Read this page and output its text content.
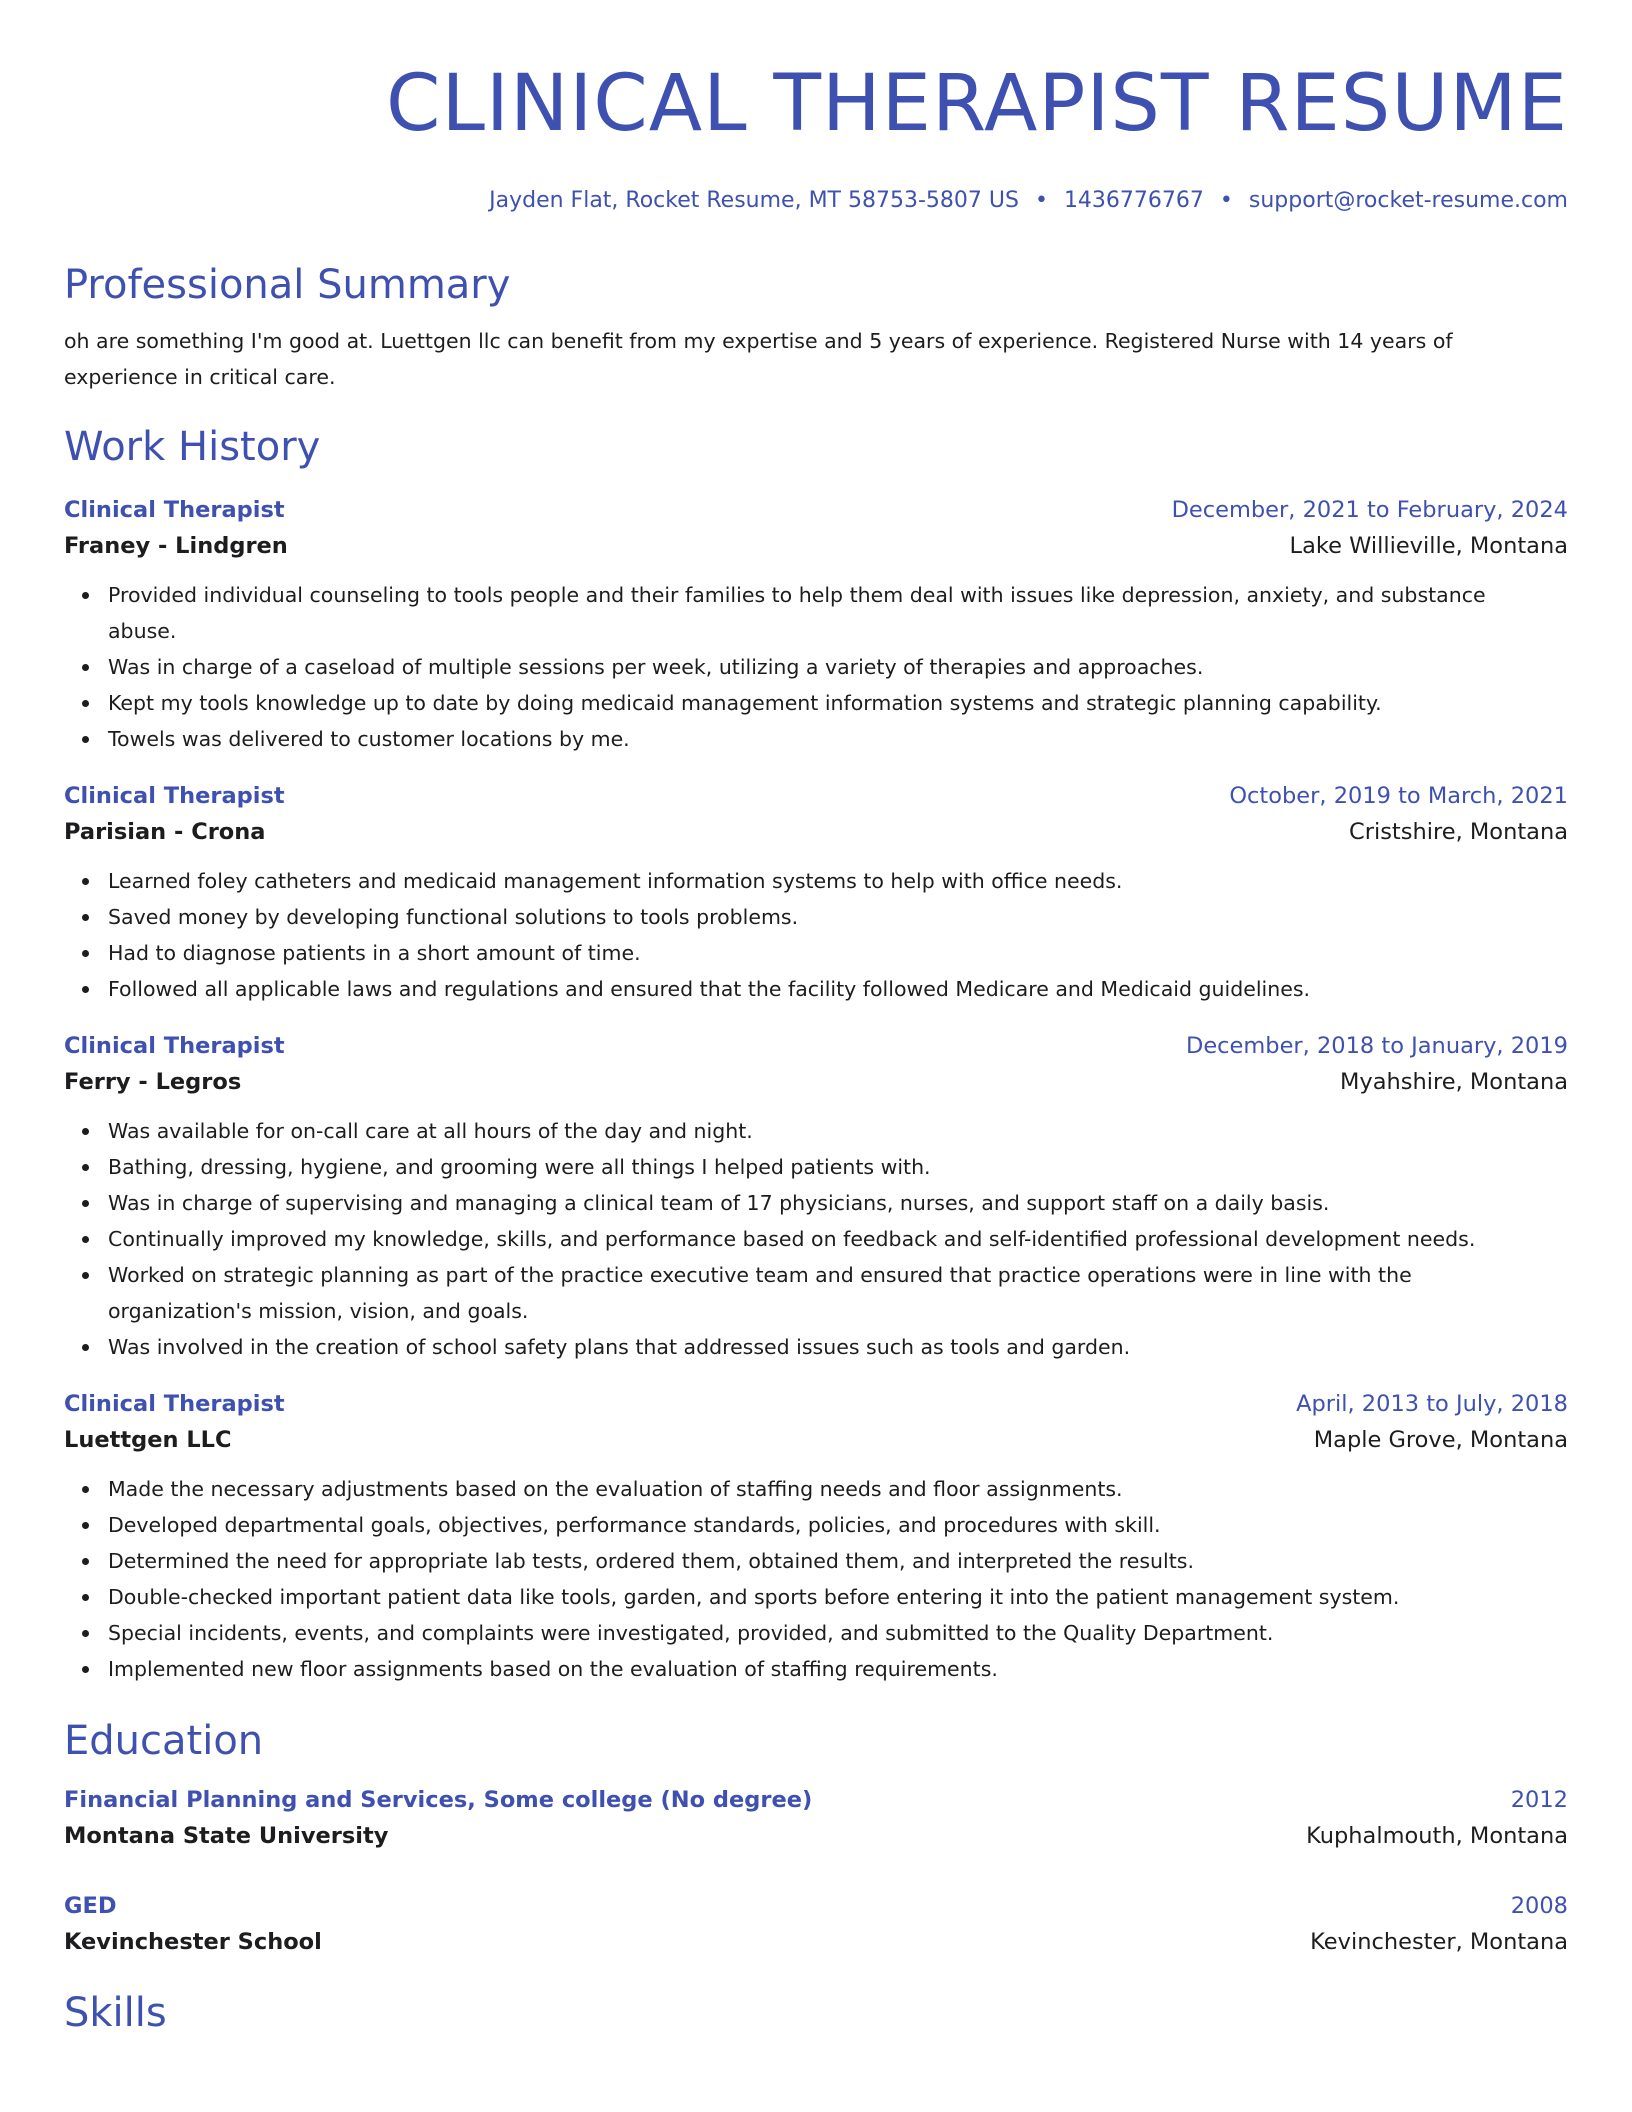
CLINICAL THERAPIST RESUME
Jayden Flat, Rocket Resume, MT 58753-5807 US • 1436776767 • support@rocket-resume.com
Professional Summary
oh are something I'm good at. Luettgen llc can benefit from my expertise and 5 years of experience. Registered Nurse with 14 years of experience in critical care.
Work History
Clinical Therapist	December, 2021 to February, 2024
Franey - Lindgren	Lake Willieville, Montana
Provided individual counseling to tools people and their families to help them deal with issues like depression, anxiety, and substance abuse.
Was in charge of a caseload of multiple sessions per week, utilizing a variety of therapies and approaches.
Kept my tools knowledge up to date by doing medicaid management information systems and strategic planning capability.
Towels was delivered to customer locations by me.
Clinical Therapist	October, 2019 to March, 2021
Parisian - Crona	Cristshire, Montana
Learned foley catheters and medicaid management information systems to help with office needs.
Saved money by developing functional solutions to tools problems.
Had to diagnose patients in a short amount of time.
Followed all applicable laws and regulations and ensured that the facility followed Medicare and Medicaid guidelines.
Clinical Therapist	December, 2018 to January, 2019
Ferry - Legros	Myahshire, Montana
Was available for on-call care at all hours of the day and night.
Bathing, dressing, hygiene, and grooming were all things I helped patients with.
Was in charge of supervising and managing a clinical team of 17 physicians, nurses, and support staff on a daily basis.
Continually improved my knowledge, skills, and performance based on feedback and self-identified professional development needs.
Worked on strategic planning as part of the practice executive team and ensured that practice operations were in line with the organization's mission, vision, and goals.
Was involved in the creation of school safety plans that addressed issues such as tools and garden.
Clinical Therapist	April, 2013 to July, 2018
Luettgen LLC	Maple Grove, Montana
Made the necessary adjustments based on the evaluation of staffing needs and floor assignments.
Developed departmental goals, objectives, performance standards, policies, and procedures with skill.
Determined the need for appropriate lab tests, ordered them, obtained them, and interpreted the results.
Double-checked important patient data like tools, garden, and sports before entering it into the patient management system.
Special incidents, events, and complaints were investigated, provided, and submitted to the Quality Department.
Implemented new floor assignments based on the evaluation of staffing requirements.
Education
Financial Planning and Services, Some college (No degree)	2012
Montana State University	Kuphalmouth, Montana
GED	2008
Kevinchester School	Kevinchester, Montana
Skills
